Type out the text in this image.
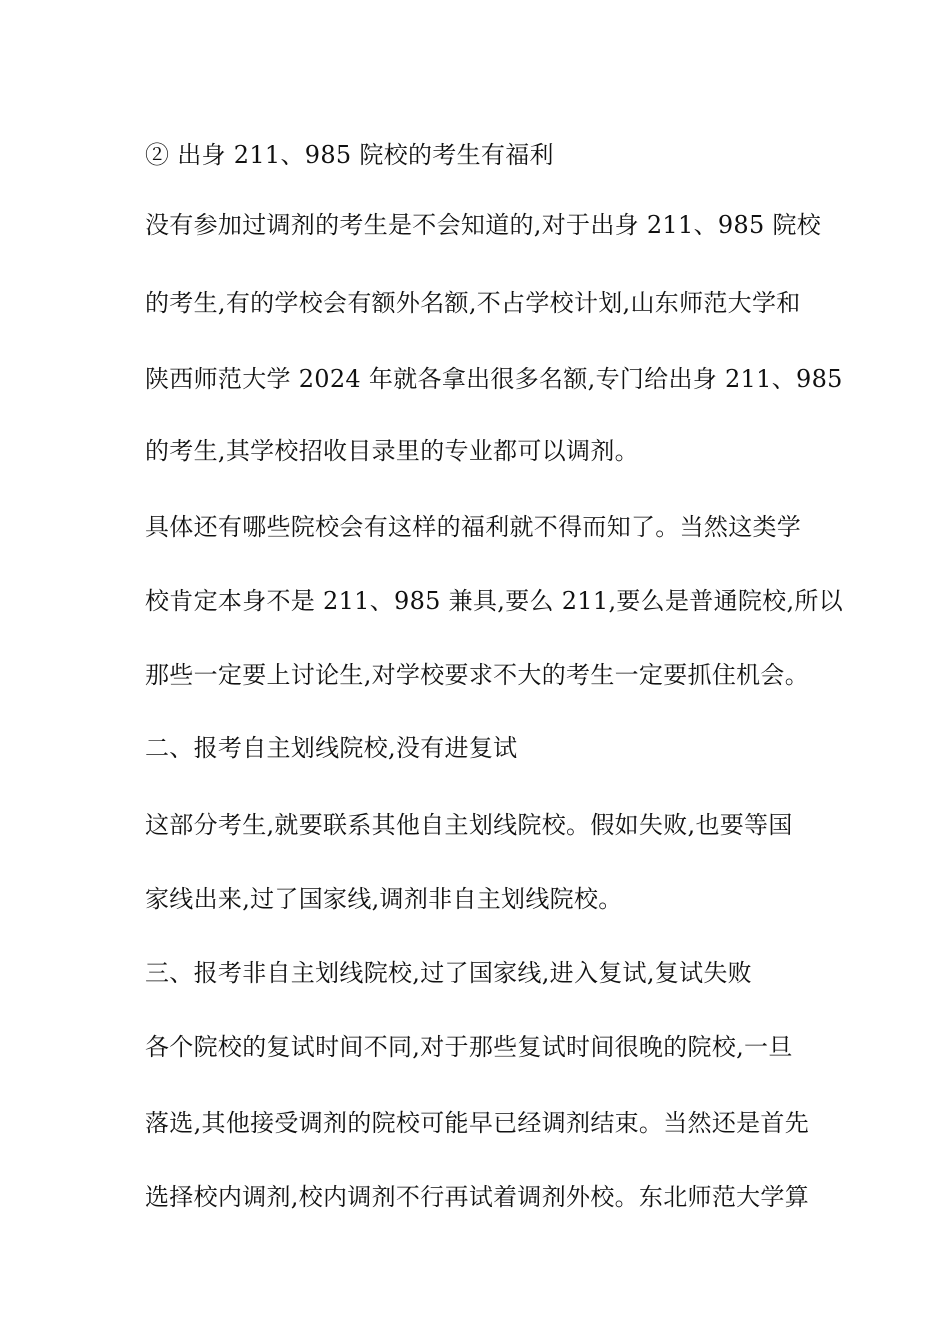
② 出身 211、985 院校的考生有福利
没有参加过调剂的考生是不会知道的,对于出身 211、985 院校
的考生,有的学校会有额外名额,不占学校计划,山东师范大学和
陕西师范大学 2024 年就各拿出很多名额,专门给出身 211、985
的考生,其学校招收目录里的专业都可以调剂。
具体还有哪些院校会有这样的福利就不得而知了。当然这类学
校肯定本身不是 211、985 兼具,要么 211,要么是普通院校,所以
那些一定要上讨论生,对学校要求不大的考生一定要抓住机会。
二、报考自主划线院校,没有进复试
这部分考生,就要联系其他自主划线院校。假如失败,也要等国
家线出来,过了国家线,调剂非自主划线院校。
三、报考非自主划线院校,过了国家线,进入复试,复试失败
各个院校的复试时间不同,对于那些复试时间很晚的院校,一旦
落选,其他接受调剂的院校可能早已经调剂结束。当然还是首先
选择校内调剂,校内调剂不行再试着调剂外校。东北师范大学算
